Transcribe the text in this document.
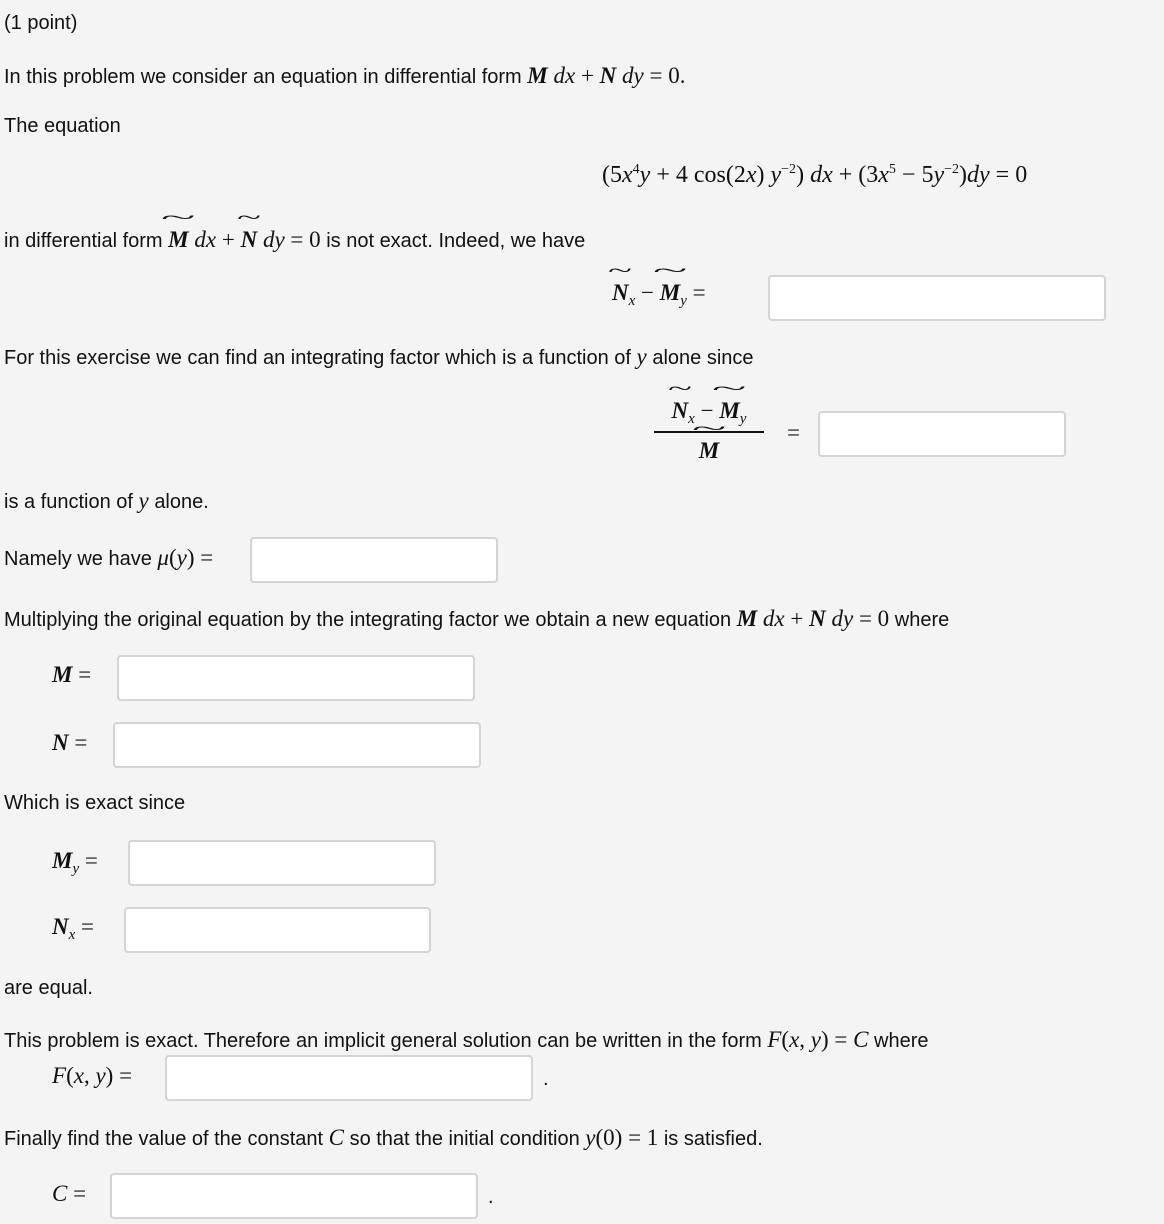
(1 point)
In this problem we consider an equation in differential form M dx + N dy = 0.
The equation
($5x^4y + 4$ cos(2x) $y^{-2}$) dx + $(3x^5 - 5y^{-2})dy = 0$
in differential form ~ M dx + ~ N dy = 0 is not exact. Indeed, we have
~ $N_x$ − ~ $M_y$ =
For this exercise we can find an integrating factor which is a function of y alone since
~ $N_x$ − ~ $M_y$
~ M
=
is a function of y alone.
Namely we have μ(y) =
Multiplying the original equation by the integrating factor we obtain a new equation M dx + N dy = 0 where
M =
N =
Which is exact since
$M_y$ =
$N_x$ =
are equal.
This problem is exact. Therefore an implicit general solution can be written in the form F(x, y) = C where
F(x, y) =	.
Finally find the value of the constant C so that the initial condition y(0) = 1 is satisfied.
C =	.
